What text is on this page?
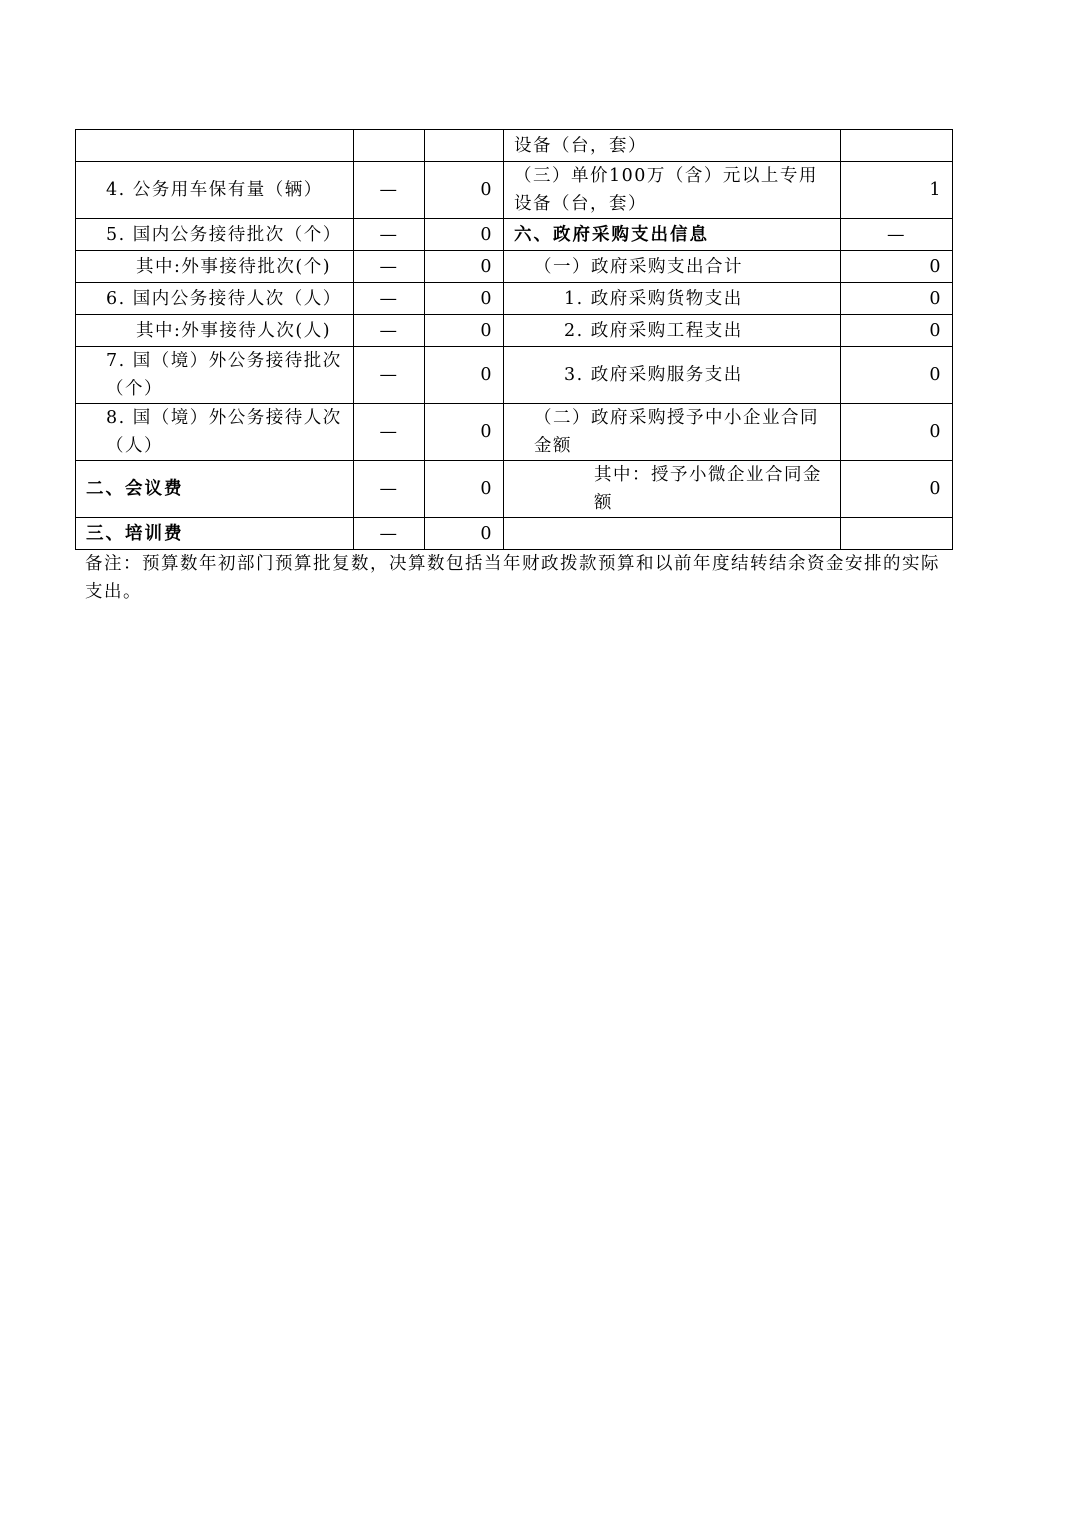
			设备（台，套）	
4. 公务用车保有量（辆）	—	0	（三）单价100万（含）元以上专用设备（台，套）	1
5. 国内公务接待批次（个）	—	0	六、政府采购支出信息	—
其中:外事接待批次(个)	—	0	（一）政府采购支出合计	0
6. 国内公务接待人次（人）	—	0	1. 政府采购货物支出	0
其中:外事接待人次(人)	—	0	2. 政府采购工程支出	0
7. 国（境）外公务接待批次（个）	—	0	3. 政府采购服务支出	0
8. 国（境）外公务接待人次（人）	—	0	（二）政府采购授予中小企业合同金额	0
二、会议费	—	0	其中：授予小微企业合同金额	0
三、培训费	—	0		

备注：预算数年初部门预算批复数，决算数包括当年财政拨款预算和以前年度结转结余资金安排的实际支出。
